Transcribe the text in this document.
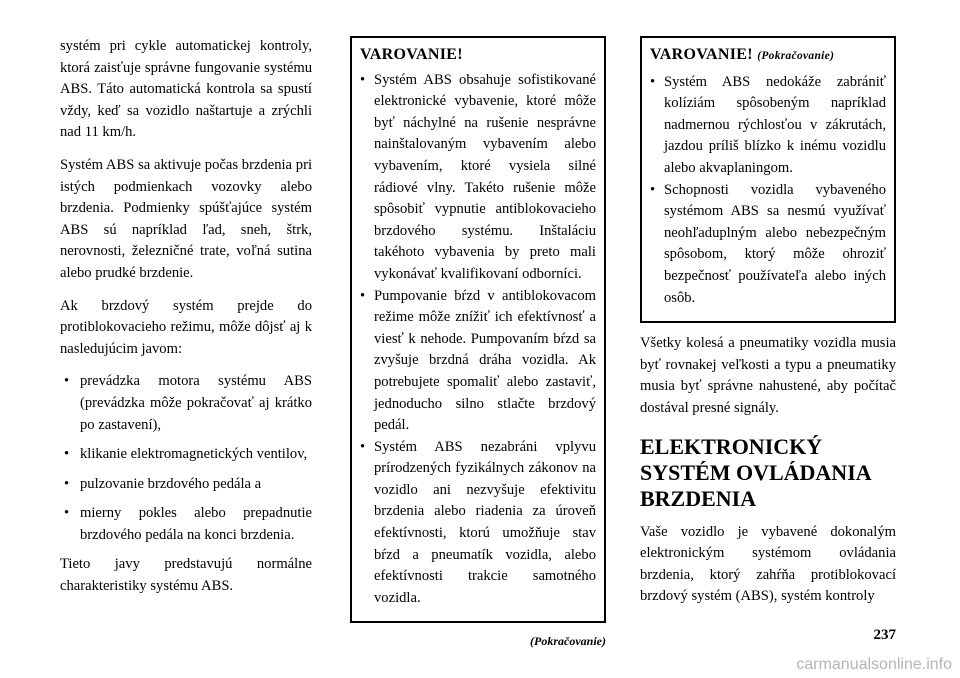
systém pri cykle automatickej kontroly, ktorá zaisťuje správne fungovanie systému ABS. Táto automatická kontrola sa spustí vždy, keď sa vozidlo naštartuje a zrýchli nad 11 km/h.

Systém ABS sa aktivuje počas brzdenia pri istých podmienkach vozovky alebo brzdenia. Podmienky spúšťajúce systém ABS sú napríklad ľad, sneh, štrk, nerovnosti, železničné trate, voľná sutina alebo prudké brzdenie.

Ak brzdový systém prejde do protiblokovacieho režimu, môže dôjsť aj k nasledujúcim javom:

• prevádzka motora systému ABS (prevádzka môže pokračovať aj krátko po zastavení),
• klikanie elektromagnetických ventilov,
• pulzovanie brzdového pedála a
• mierny pokles alebo prepadnutie brzdového pedála na konci brzdenia.

Tieto javy predstavujú normálne charakteristiky systému ABS.

VAROVANIE!
• Systém ABS obsahuje sofistikované elektronické vybavenie, ktoré môže byť náchylné na rušenie nesprávne nainštalovaným vybavením alebo vybavením, ktoré vysiela silné rádiové vlny. Takéto rušenie môže spôsobiť vypnutie antiblokovacieho brzdového systému. Inštaláciu takéhoto vybavenia by preto mali vykonávať kvalifikovaní odborníci.
• Pumpovanie bŕzd v antiblokovacom režime môže znížiť ich efektívnosť a viesť k nehode. Pumpovaním bŕzd sa zvyšuje brzdná dráha vozidla. Ak potrebujete spomaliť alebo zastaviť, jednoducho silno stlačte brzdový pedál.
• Systém ABS nezabráni vplyvu prírodzených fyzikálnych zákonov na vozidlo ani nezvyšuje efektivitu brzdenia alebo riadenia za úroveň efektívnosti, ktorú umožňuje stav bŕzd a pneumatík vozidla, alebo efektívnosti trakcie samotného vozidla.
(Pokračovanie)
VAROVANIE! (Pokračovanie)
• Systém ABS nedokáže zabrániť kolíziám spôsobeným napríklad nadmernou rýchlosťou v zákrutách, jazdou príliš blízko k inému vozidlu alebo akvaplaningom.
• Schopnosti vozidla vybaveného systémom ABS sa nesmú využívať neohľaduplným alebo nebezpečným spôsobom, ktorý môže ohroziť bezpečnosť používateľa alebo iných osôb.

Všetky kolesá a pneumatiky vozidla musia byť rovnakej veľkosti a typu a pneumatiky musia byť správne nahustené, aby počítač dostával presné signály.

ELEKTRONICKÝ SYSTÉM OVLÁDANIA BRZDENIA

Vaše vozidlo je vybavené dokonalým elektronickým systémom ovládania brzdenia, ktorý zahŕňa protiblokovací brzdový systém (ABS), systém kontroly

237
carmanualsonline.info
